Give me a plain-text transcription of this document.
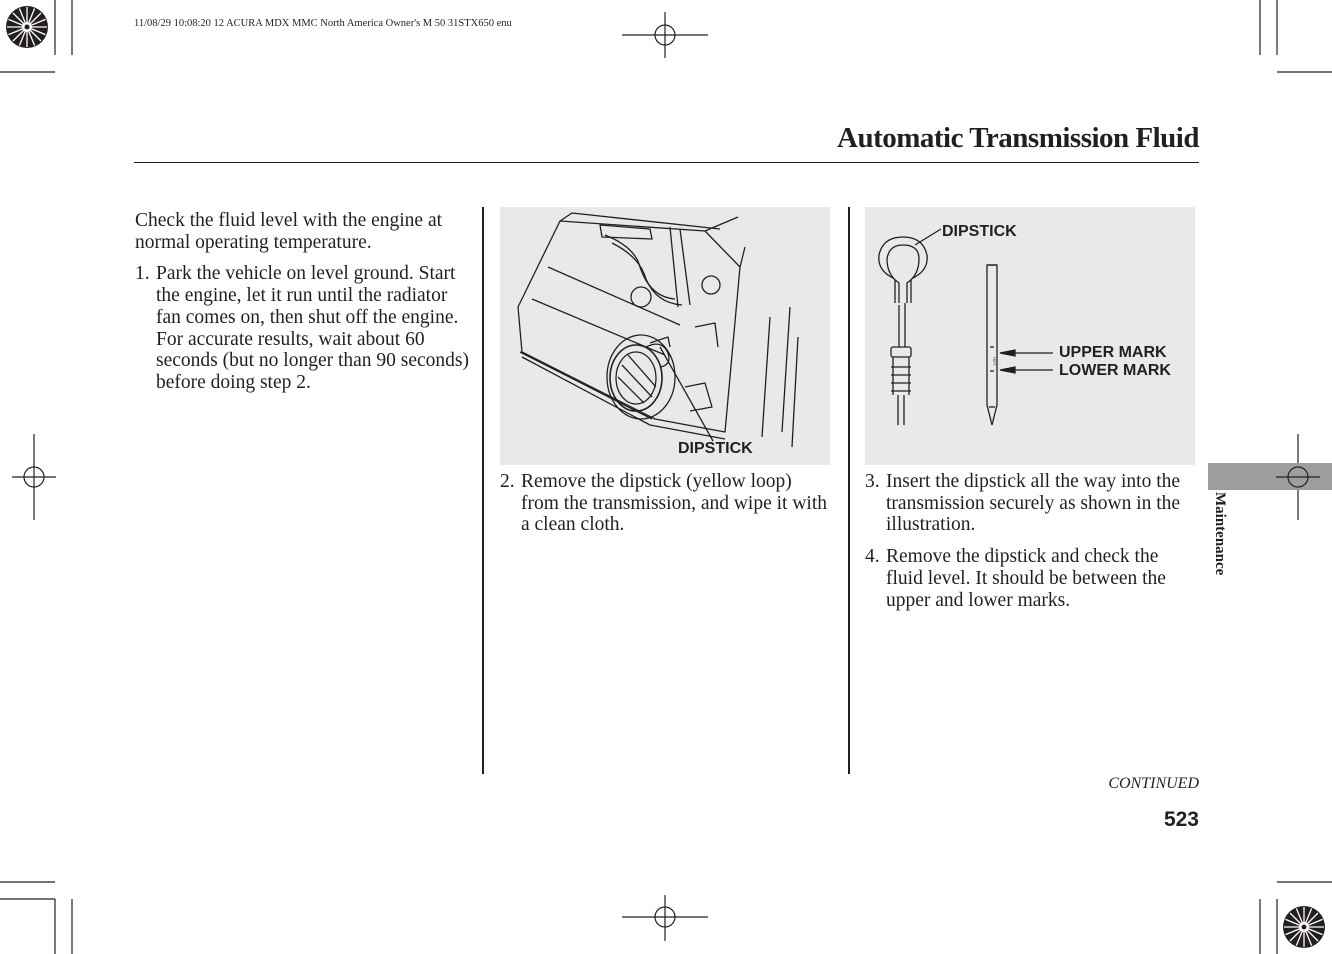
11/08/29 10:08:20 12 ACURA MDX MMC North America Owner's M 50 31STX650 enu
Automatic Transmission Fluid

Check the fluid level with the engine at normal operating temperature.

1. Park the vehicle on level ground. Start the engine, let it run until the radiator fan comes on, then shut off the engine. For accurate results, wait about 60 seconds (but no longer than 90 seconds) before doing step 2.
DIPSTICK
HOT
DIPSTICK
UPPER MARK
LOWER MARK
2. Remove the dipstick (yellow loop) from the transmission, and wipe it with a clean cloth.
3. Insert the dipstick all the way into the transmission securely as shown in the illustration.
4. Remove the dipstick and check the fluid level. It should be between the upper and lower marks.
Maintenance
CONTINUED
523
